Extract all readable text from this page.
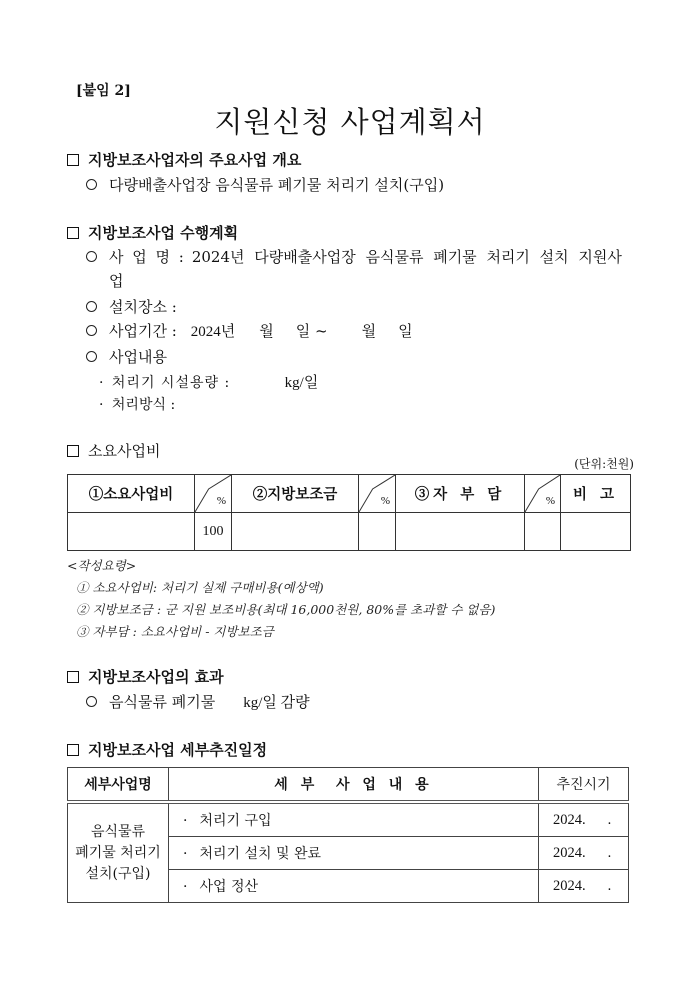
[붙임 2]
지원신청 사업계획서
지방보조사업자의 주요사업 개요
다량배출사업장 음식물류 폐기물 처리기 설치(구입)
지방보조사업 수행계획
사 업 명 : 2024년 다량배출사업장 음식물류 폐기물 처리기 설치 지원사
업
설치장소 :
사업기간 : 2024년 월 일 ~ 월 일
사업내용
· 처리기 시설용량 :	kg/일
· 처리방식 :
소요사업비
(단위:천원)
①소요사업비	%	②지방보조금	%	③자 부 담	%	비 고
	100					
<작성요령>
① 소요사업비: 처리기 실제 구매비용(예상액)
② 지방보조금 : 군 지원 보조비용(최대 16,000천원, 80%를 초과할 수 없음)
③ 자부담 : 소요사업비 - 지방보조금
지방보조사업의 효과
음식물류 폐기물 kg/일 감량
지방보조사업 세부추진일정
세부사업명	세 부  사 업 내 용	추진시기

음식물류
폐기물 처리기
설치(구입)	· 처리기 구입	2024. .
	· 처리기 설치 및 완료	2024. .
	· 사업 정산	2024. .
